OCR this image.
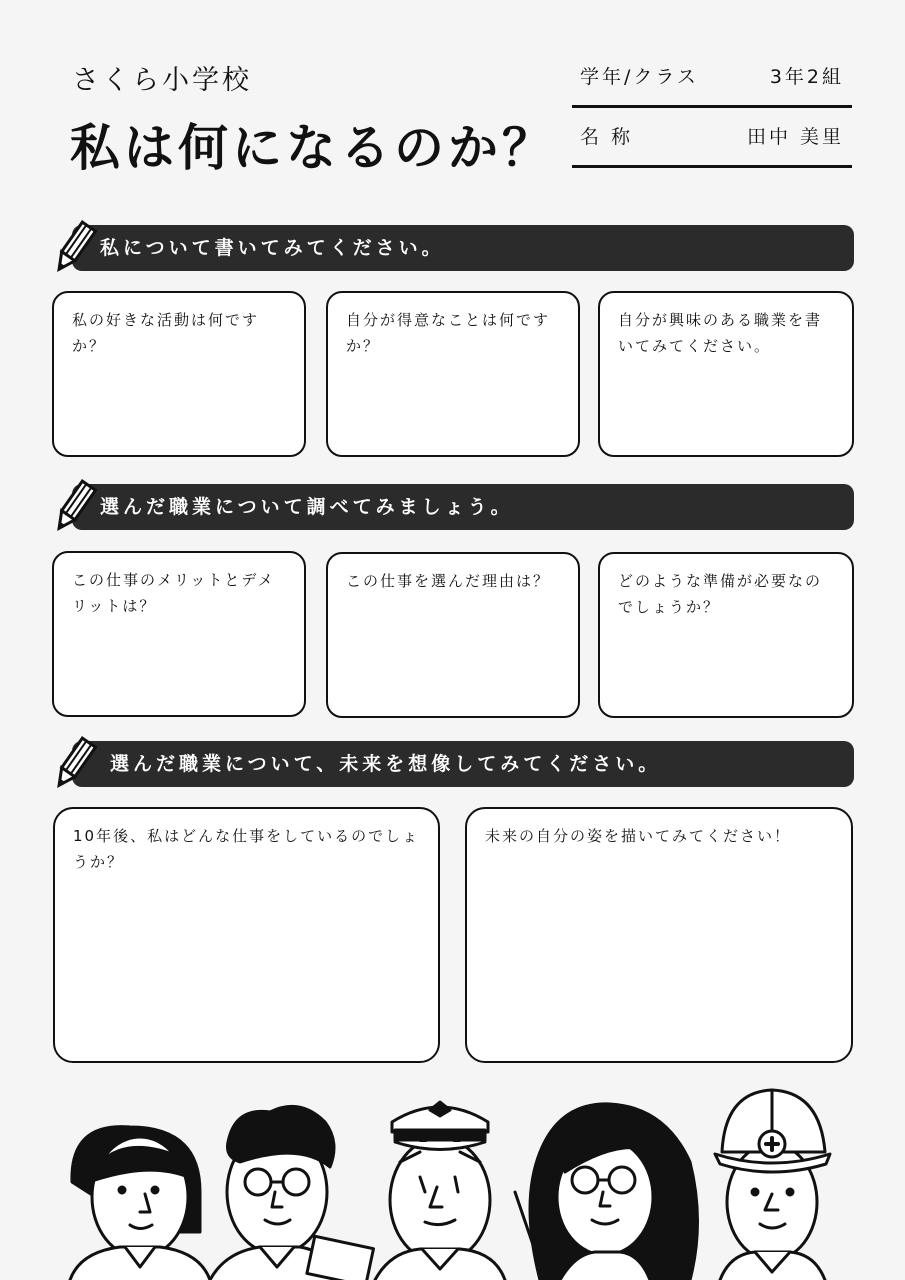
さくら小学校
私は何になるのか？
学年/クラス	3年2組
名 称	田中 美里
私について書いてみてください。
私の好きな活動は何ですか？
自分が得意なことは何ですか？
自分が興味のある職業を書いてみてください。
選んだ職業について調べてみましょう。
この仕事のメリットとデメリットは？
この仕事を選んだ理由は？	どのような準備が必要なのでしょうか？
選んだ職業について、未来を想像してみてください。
10年後、私はどんな仕事をしているのでしょうか？
未来の自分の姿を描いてみてください！
